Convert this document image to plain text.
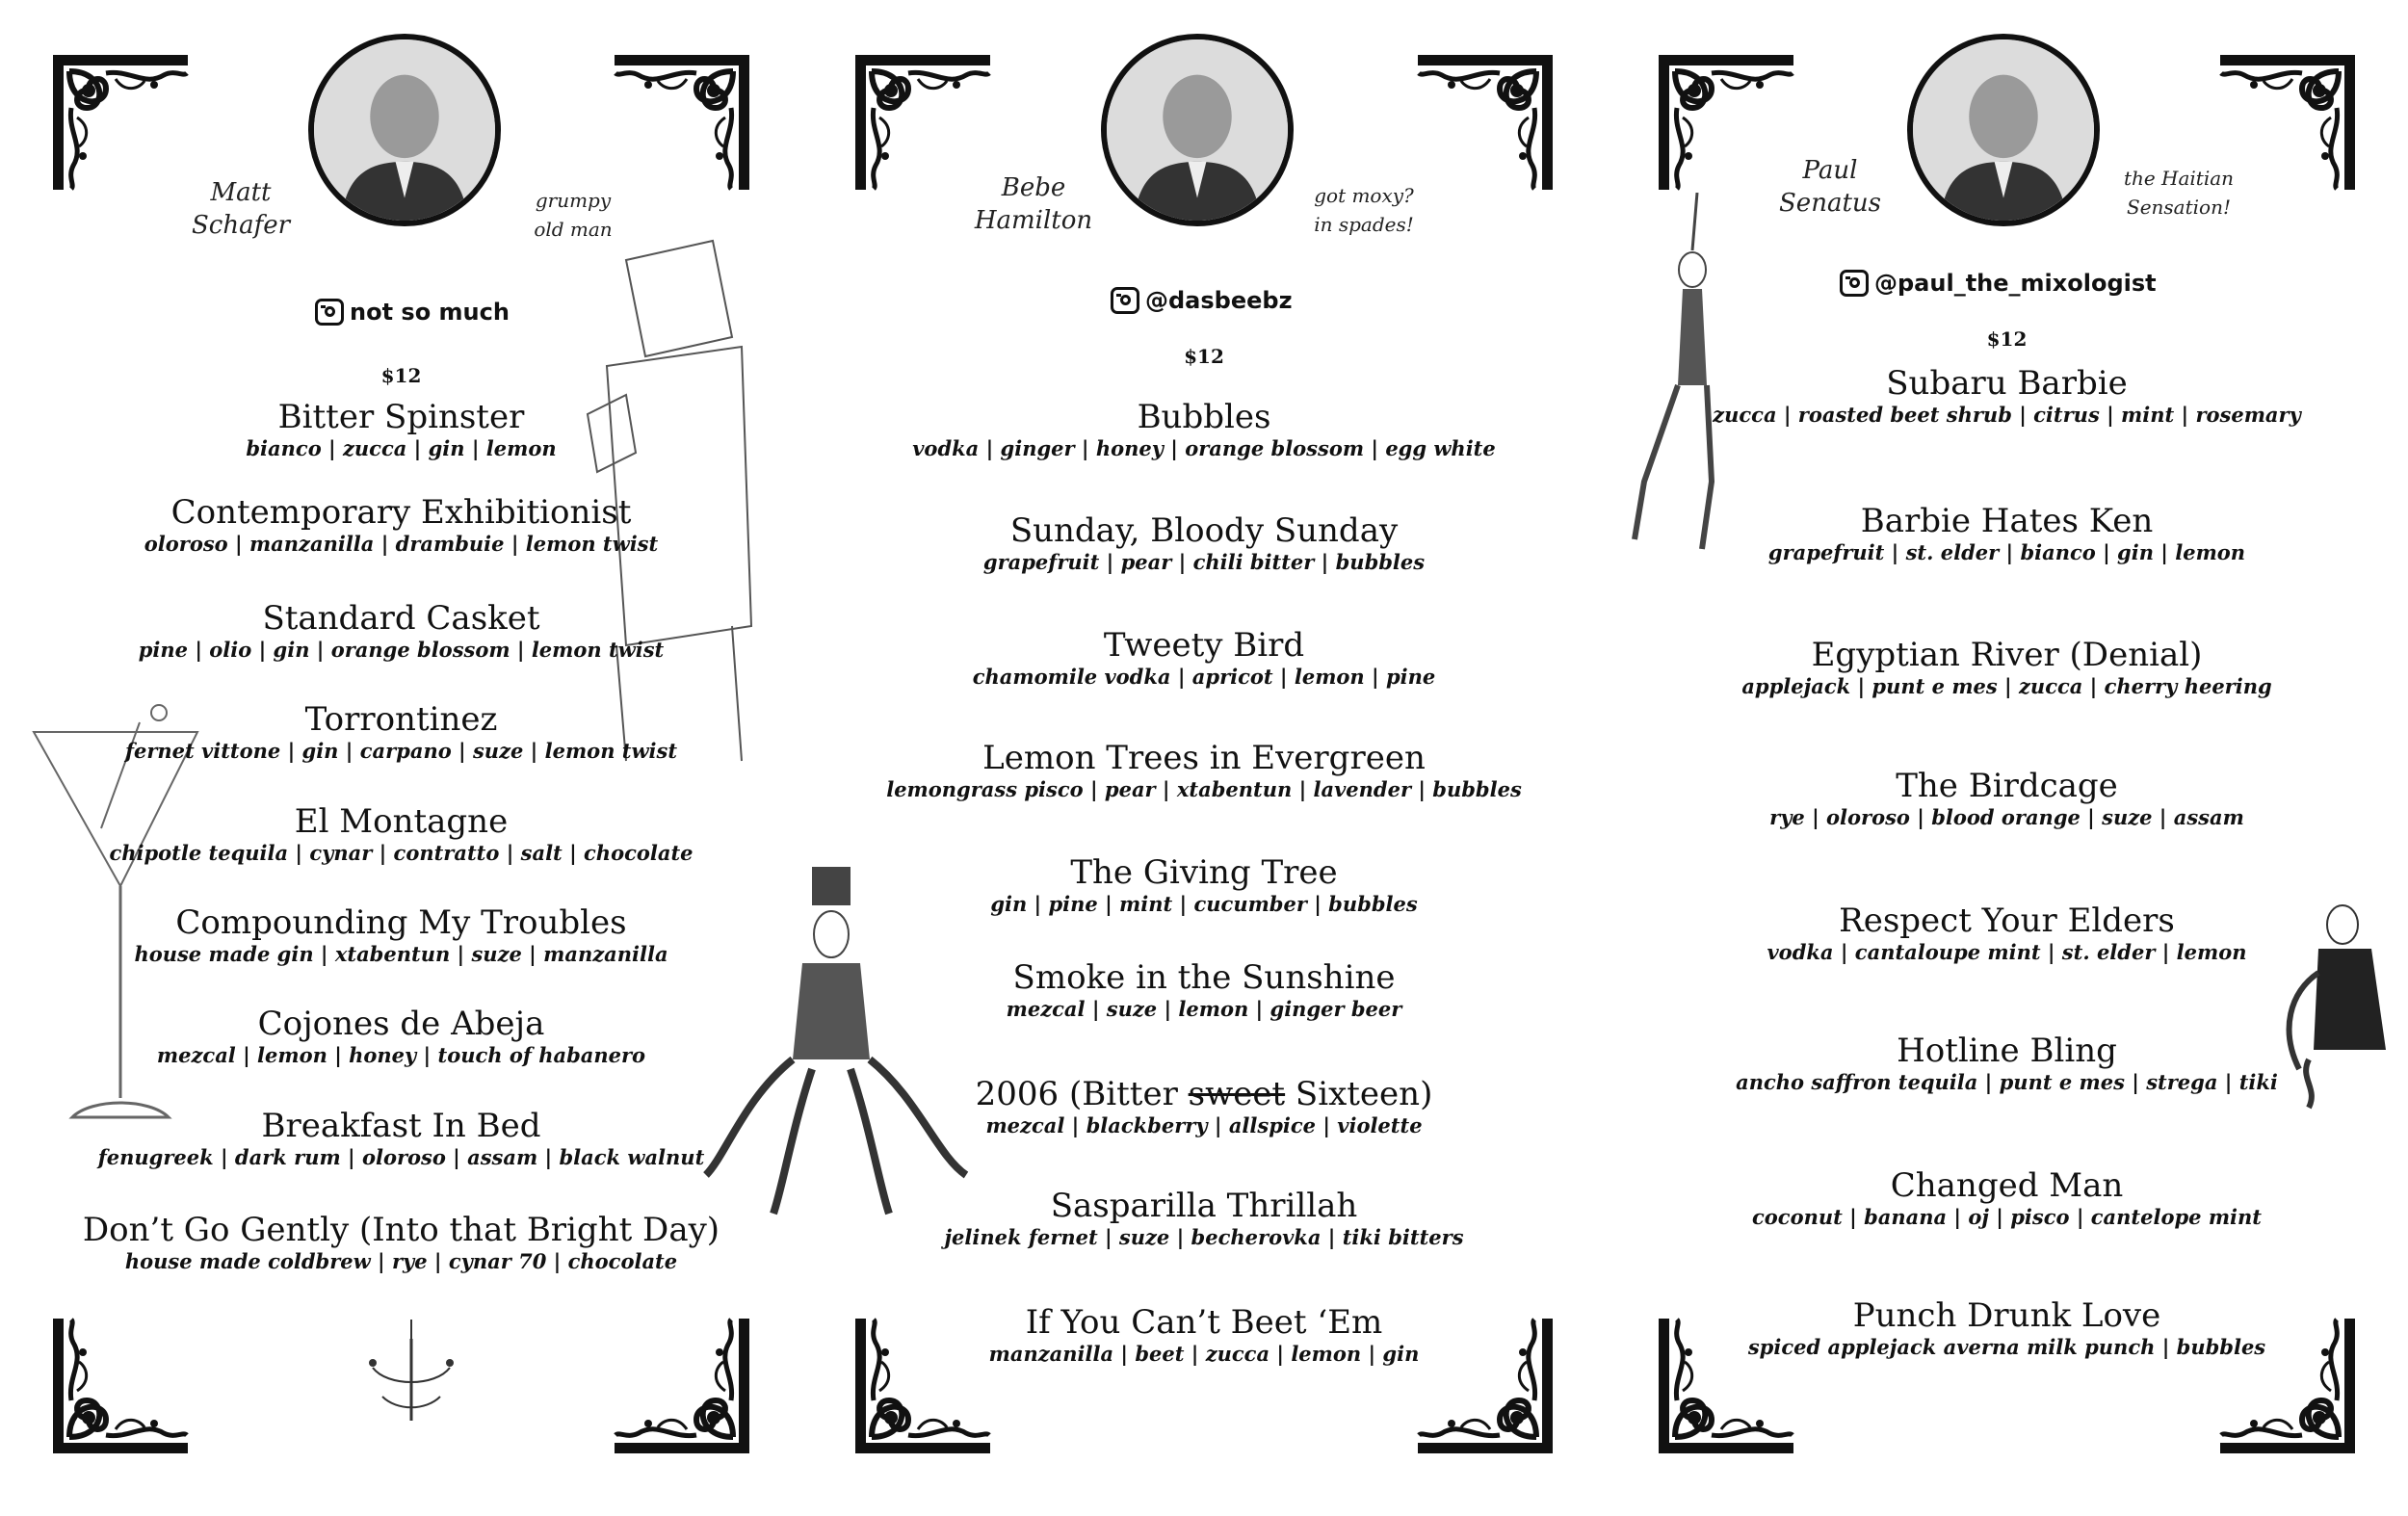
Matt
Schafer
grumpy
old man
not so much
$12
Bitter Spinster
bianco | zucca | gin | lemon
Contemporary Exhibitionist
oloroso | manzanilla | drambuie | lemon twist
Standard Casket
pine | olio | gin | orange blossom | lemon twist
Torrontinez
fernet vittone | gin | carpano | suze | lemon twist
El Montagne
chipotle tequila | cynar | contratto | salt | chocolate
Compounding My Troubles
house made gin | xtabentun | suze | manzanilla
Cojones de Abeja
mezcal | lemon | honey | touch of habanero
Breakfast In Bed
fenugreek | dark rum | oloroso | assam | black walnut
Don’t Go Gently (Into that Bright Day)
house made coldbrew | rye | cynar 70 | chocolate
Bebe
Hamilton
got moxy?
in spades!
@dasbeebz
$12
Bubbles
vodka | ginger | honey | orange blossom | egg white
Sunday, Bloody Sunday
grapefruit | pear | chili bitter | bubbles
Tweety Bird
chamomile vodka | apricot | lemon | pine
Lemon Trees in Evergreen
lemongrass pisco | pear | xtabentun | lavender | bubbles
The Giving Tree
gin | pine | mint | cucumber | bubbles
Smoke in the Sunshine
mezcal | suze | lemon | ginger beer
2006 (Bitter sweet Sixteen)
mezcal | blackberry | allspice | violette
Sasparilla Thrillah
jelinek fernet | suze | becherovka | tiki bitters
If You Can’t Beet ‘Em
manzanilla | beet | zucca | lemon | gin
Paul
Senatus
the Haitian
Sensation!
@paul_the_mixologist
$12
Subaru Barbie
zucca | roasted beet shrub | citrus | mint | rosemary
Barbie Hates Ken
grapefruit | st. elder | bianco | gin | lemon
Egyptian River (Denial)
applejack | punt e mes | zucca | cherry heering
The Birdcage
rye | oloroso | blood orange | suze | assam
Respect Your Elders
vodka | cantaloupe mint | st. elder | lemon
Hotline Bling
ancho saffron tequila | punt e mes | strega | tiki
Changed Man
coconut | banana | oj | pisco | cantelope mint
Punch Drunk Love
spiced applejack averna milk punch | bubbles
